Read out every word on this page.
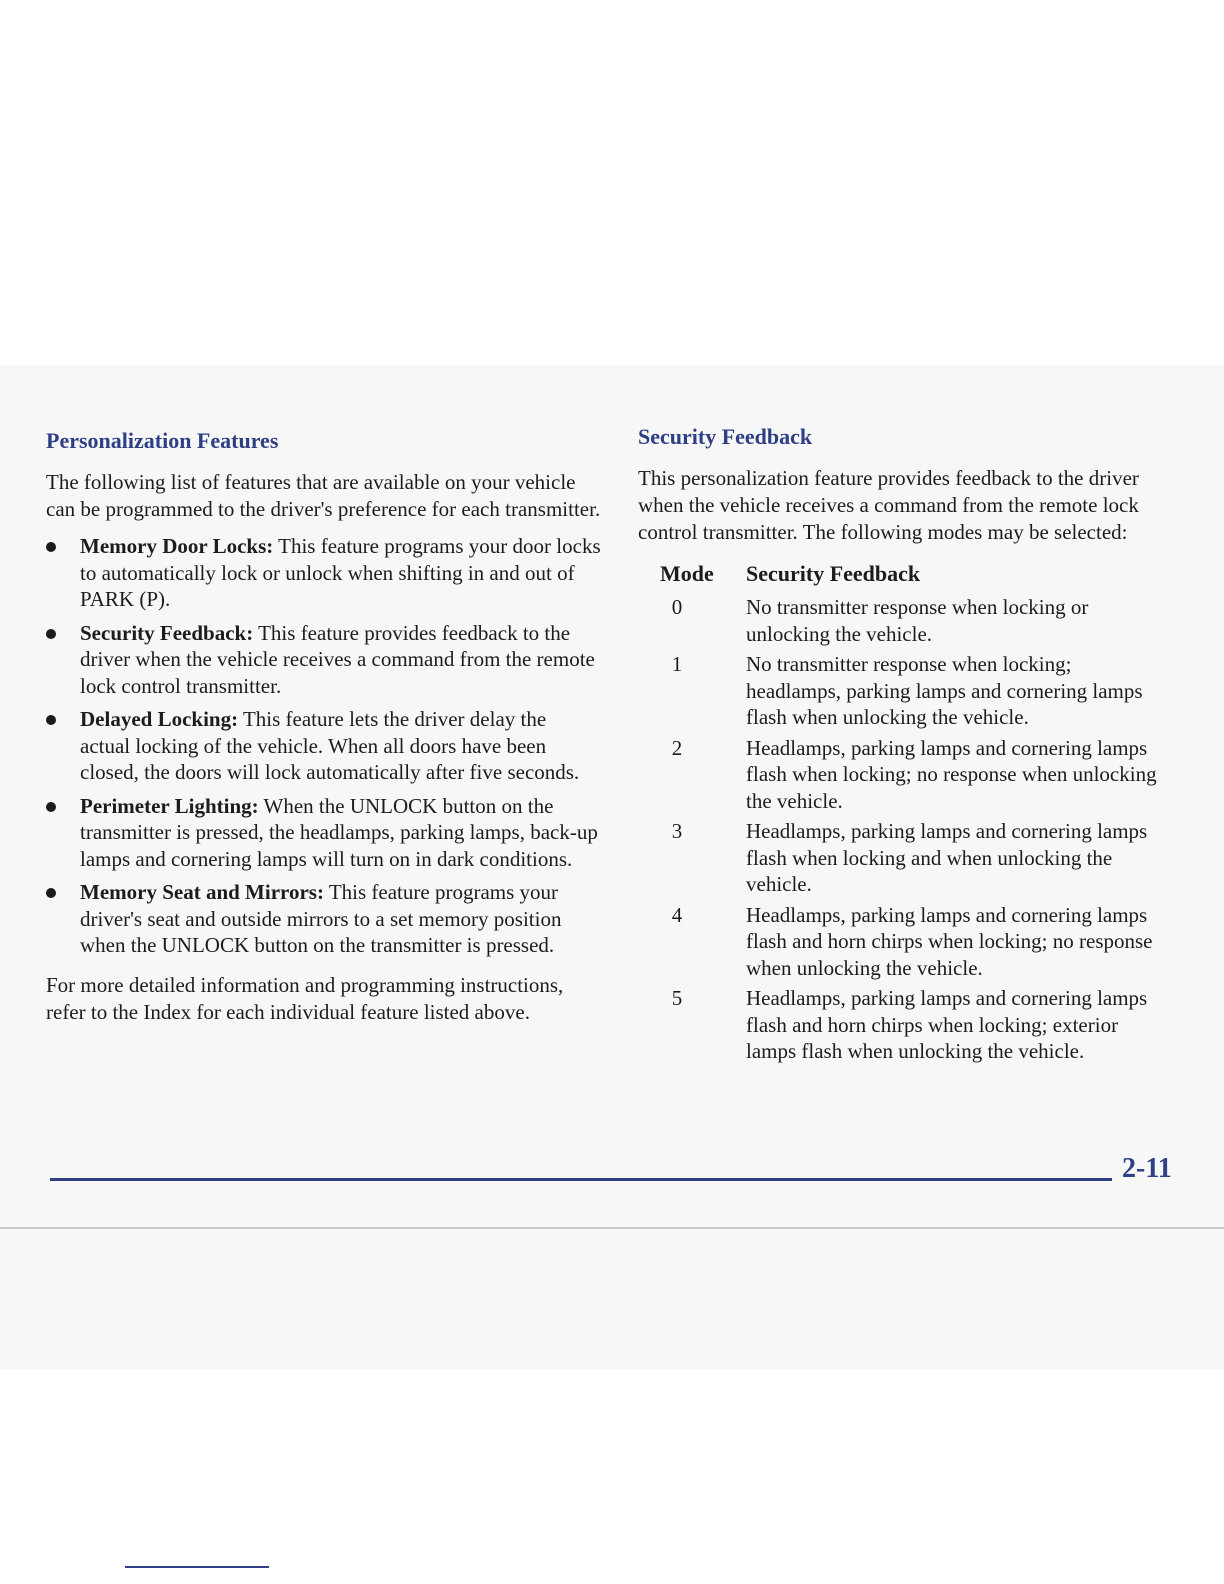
Personalization Features

The following list of features that are available on your vehicle can be programmed to the driver's preference for each transmitter.

Memory Door Locks: This feature programs your door locks to automatically lock or unlock when shifting in and out of PARK (P).
Security Feedback: This feature provides feedback to the driver when the vehicle receives a command from the remote lock control transmitter.
Delayed Locking: This feature lets the driver delay the actual locking of the vehicle. When all doors have been closed, the doors will lock automatically after five seconds.
Perimeter Lighting: When the UNLOCK button on the transmitter is pressed, the headlamps, parking lamps, back-up lamps and cornering lamps will turn on in dark conditions.
Memory Seat and Mirrors: This feature programs your driver's seat and outside mirrors to a set memory position when the UNLOCK button on the transmitter is pressed.

For more detailed information and programming instructions, refer to the Index for each individual feature listed above.

Security Feedback

This personalization feature provides feedback to the driver when the vehicle receives a command from the remote lock control transmitter. The following modes may be selected:

Mode	Security Feedback
0	No transmitter response when locking or unlocking the vehicle.
1	No transmitter response when locking; headlamps, parking lamps and cornering lamps flash when unlocking the vehicle.
2	Headlamps, parking lamps and cornering lamps flash when locking; no response when unlocking the vehicle.
3	Headlamps, parking lamps and cornering lamps flash when locking and when unlocking the vehicle.
4	Headlamps, parking lamps and cornering lamps flash and horn chirps when locking; no response when unlocking the vehicle.
5	Headlamps, parking lamps and cornering lamps flash and horn chirps when locking; exterior lamps flash when unlocking the vehicle.
2-11
